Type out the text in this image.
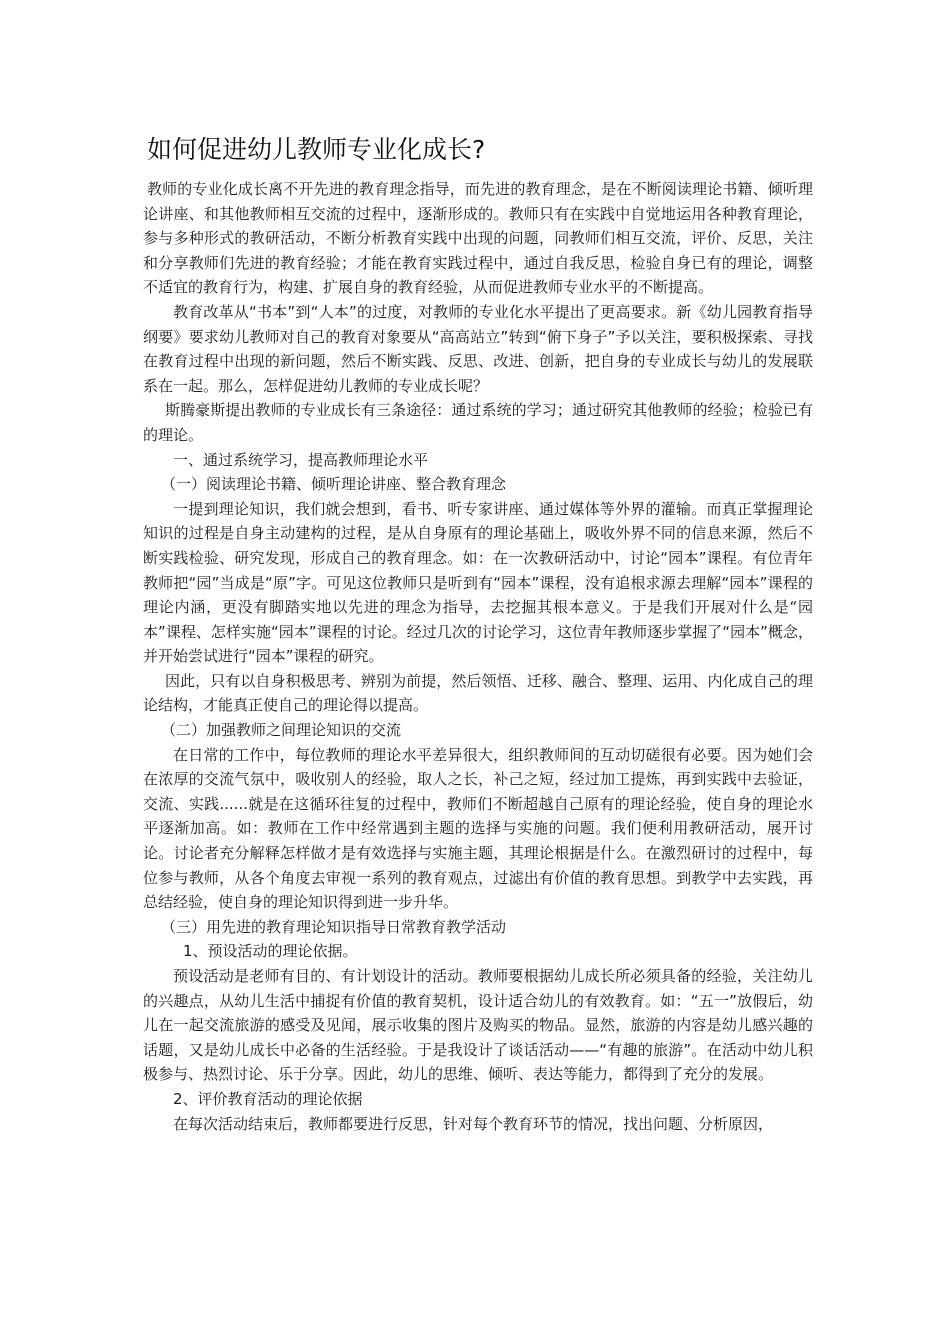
如何促进幼儿教师专业化成长?

教师的专业化成长离不开先进的教育理念指导，而先进的教育理念，是在不断阅读理论书籍、倾听理论讲座、和其他教师相互交流的过程中，逐渐形成的。教师只有在实践中自觉地运用各种教育理论，参与多种形式的教研活动，不断分析教育实践中出现的问题，同教师们相互交流，评价、反思，关注和分享教师们先进的教育经验；才能在教育实践过程中，通过自我反思，检验自身已有的理论，调整不适宜的教育行为，构建、扩展自身的教育经验，从而促进教师专业水平的不断提高。

教育改革从“书本”到“人本”的过度，对教师的专业化水平提出了更高要求。新《幼儿园教育指导纲要》要求幼儿教师对自己的教育对象要从“高高站立”转到“俯下身子”予以关注，要积极探索、寻找在教育过程中出现的新问题，然后不断实践、反思、改进、创新，把自身的专业成长与幼儿的发展联系在一起。那么，怎样促进幼儿教师的专业成长呢？

斯腾豪斯提出教师的专业成长有三条途径：通过系统的学习；通过研究其他教师的经验；检验已有的理论。

一、通过系统学习，提高教师理论水平

（一）阅读理论书籍、倾听理论讲座、整合教育理念

一提到理论知识，我们就会想到，看书、听专家讲座、通过媒体等外界的灌输。而真正掌握理论知识的过程是自身主动建构的过程，是从自身原有的理论基础上，吸收外界不同的信息来源，然后不断实践检验、研究发现，形成自己的教育理念。如：在一次教研活动中，讨论“园本”课程。有位青年教师把“园”当成是“原”字。可见这位教师只是听到有“园本”课程，没有追根求源去理解“园本”课程的理论内涵，更没有脚踏实地以先进的理念为指导，去挖掘其根本意义。于是我们开展对什么是“园本”课程、怎样实施“园本”课程的讨论。经过几次的讨论学习，这位青年教师逐步掌握了“园本”概念，并开始尝试进行“园本”课程的研究。

因此，只有以自身积极思考、辨别为前提，然后领悟、迁移、融合、整理、运用、内化成自己的理论结构，才能真正使自己的理论得以提高。

（二）加强教师之间理论知识的交流

在日常的工作中，每位教师的理论水平差异很大，组织教师间的互动切磋很有必要。因为她们会在浓厚的交流气氛中，吸收别人的经验，取人之长，补己之短，经过加工提炼，再到实践中去验证，交流、实践......就是在这循环往复的过程中，教师们不断超越自己原有的理论经验，使自身的理论水平逐渐加高。如：教师在工作中经常遇到主题的选择与实施的问题。我们便利用教研活动，展开讨论。讨论者充分解释怎样做才是有效选择与实施主题，其理论根据是什么。在激烈研讨的过程中，每位参与教师，从各个角度去审视一系列的教育观点，过滤出有价值的教育思想。到教学中去实践，再总结经验，使自身的理论知识得到进一步升华。

（三）用先进的教育理论知识指导日常教育教学活动

1、预设活动的理论依据。

预设活动是老师有目的、有计划设计的活动。教师要根据幼儿成长所必须具备的经验，关注幼儿的兴趣点，从幼儿生活中捕捉有价值的教育契机，设计适合幼儿的有效教育。如：“五一”放假后，幼儿在一起交流旅游的感受及见闻，展示收集的图片及购买的物品。显然，旅游的内容是幼儿感兴趣的话题，又是幼儿成长中必备的生活经验。于是我设计了谈话活动——“有趣的旅游”。在活动中幼儿积极参与、热烈讨论、乐于分享。因此，幼儿的思维、倾听、表达等能力，都得到了充分的发展。

2、评价教育活动的理论依据

在每次活动结束后，教师都要进行反思，针对每个教育环节的情况，找出问题、分析原因，
